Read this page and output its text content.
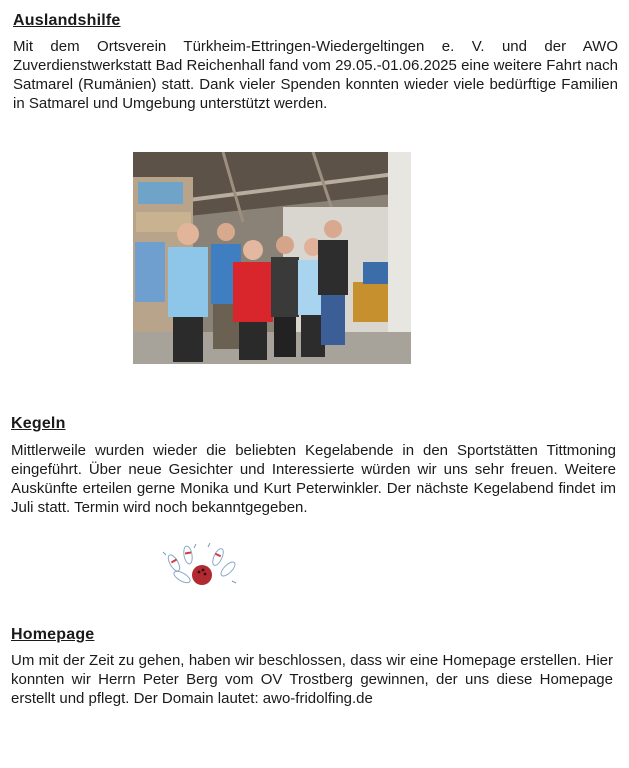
Auslandshilfe
Mit dem Ortsverein Türkheim-Ettringen-Wiedergeltingen e. V. und der AWO Zuverdienstwerkstatt Bad Reichenhall fand vom 29.05.-01.06.2025 eine weitere Fahrt nach Satmarel (Rumänien) statt. Dank vieler Spenden konnten wieder viele bedürftige Familien in Satmarel und Umgebung unterstützt werden.
Kegeln
Mittlerweile wurden wieder die beliebten Kegelabende in den Sportstätten Tittmoning eingeführt. Über neue Gesichter und Interessierte würden wir uns sehr freuen. Weitere Auskünfte erteilen gerne Monika und Kurt Peterwinkler. Der nächste Kegelabend findet im Juli statt. Termin wird noch bekanntgegeben.
Homepage
Um mit der Zeit zu gehen, haben wir beschlossen, dass wir eine Homepage erstellen. Hier konnten wir Herrn Peter Berg vom OV Trostberg gewinnen, der uns diese Homepage erstellt und pflegt. Der Domain lautet: awo-fridolfing.de
